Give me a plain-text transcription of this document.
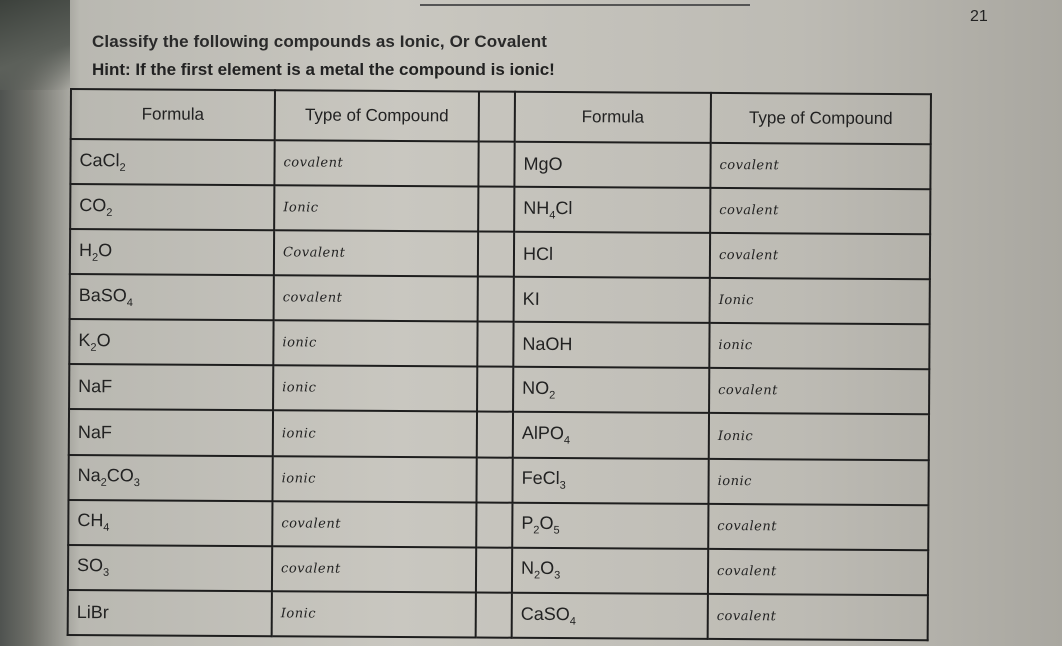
21

Classify the following compounds as Ionic, Or Covalent

Hint: If the first element is a metal the compound is ionic!

Formula	Type of Compound		Formula	Type of Compound
CaCl$_2$	covalent		MgO	covalent
$CO_2$	Ionic		$NH_4Cl$	covalent
$H_2O$	Covalent		HCl	covalent
BaSO$_4$	covalent		KI	Ionic
$K_2O$	ionic		NaOH	ionic
NaF	ionic		$NO_2$	covalent
NaF	ionic		AlPO$_4$	Ionic
$Na_2CO_3$	ionic		FeCl$_3$	ionic
$CH_4$	covalent		$P_2O_5$	covalent
$SO_3$	covalent		$N_2O_3$	covalent
LiBr	Ionic		CaSO$_4$	covalent
